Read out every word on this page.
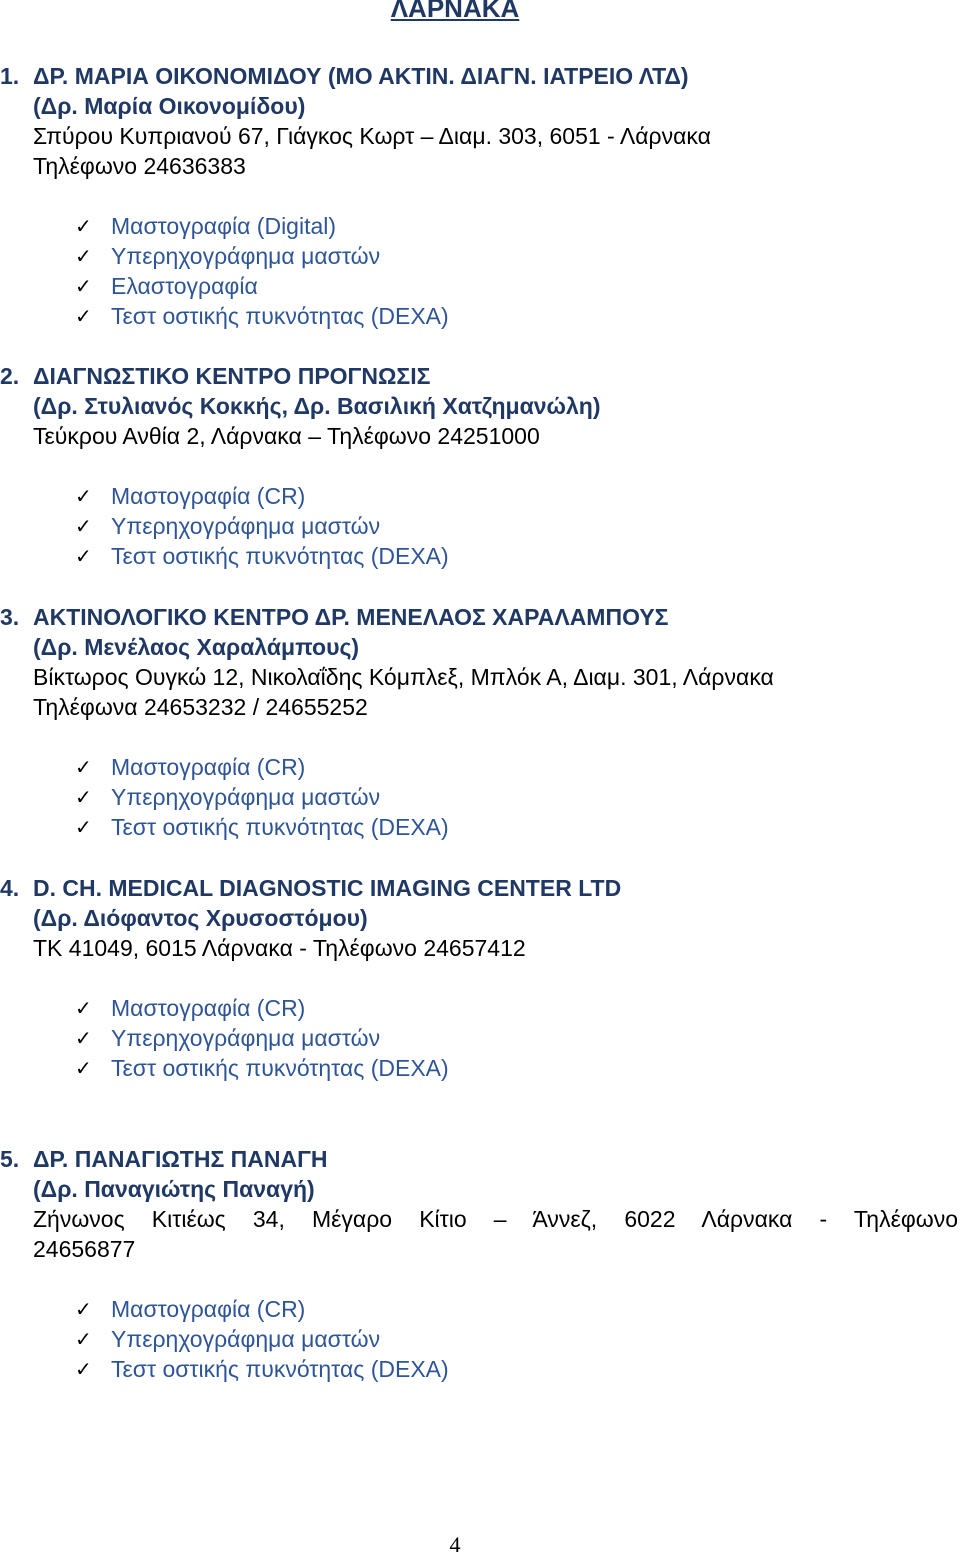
ΛΑΡΝΑΚΑ
1. ΔΡ. ΜΑΡΙΑ ΟΙΚΟΝΟΜΙΔΟΥ (ΜΟ ΑΚΤΙΝ. ΔΙΑΓΝ. ΙΑΤΡΕΙΟ ΛΤΔ)
(Δρ. Μαρία Οικονομίδου)
Σπύρου Κυπριανού 67, Γιάγκος Κωρτ – Διαμ. 303, 6051 - Λάρνακα
Τηλέφωνο 24636383
✓ Μαστογραφία (Digital)
✓ Υπερηχογράφημα μαστών
✓ Ελαστογραφία
✓ Τεστ οστικής πυκνότητας (DEXA)
2. ΔΙΑΓΝΩΣΤΙΚΟ ΚΕΝΤΡΟ ΠΡΟΓΝΩΣΙΣ
(Δρ. Στυλιανός Κοκκής, Δρ. Βασιλική Χατζημανώλη)
Τεύκρου Ανθία 2, Λάρνακα – Τηλέφωνο 24251000
✓ Μαστογραφία (CR)
✓ Υπερηχογράφημα μαστών
✓ Τεστ οστικής πυκνότητας (DEXA)
3. ΑΚΤΙΝΟΛΟΓΙΚΟ ΚΕΝΤΡΟ ΔΡ. ΜΕΝΕΛΑΟΣ ΧΑΡΑΛΑΜΠΟΥΣ
(Δρ. Μενέλαος Χαραλάμπους)
Βίκτωρος Ουγκώ 12, Νικολαΐδης Κόμπλεξ, Μπλόκ Α, Διαμ. 301, Λάρνακα
Τηλέφωνα 24653232 / 24655252
✓ Μαστογραφία (CR)
✓ Υπερηχογράφημα μαστών
✓ Τεστ οστικής πυκνότητας (DEXA)
4. D. CH. MEDICAL DIAGNOSTIC IMAGING CENTER LTD
(Δρ. Διόφαντος Χρυσοστόμου)
ΤΚ 41049, 6015 Λάρνακα - Τηλέφωνο 24657412
✓ Μαστογραφία (CR)
✓ Υπερηχογράφημα μαστών
✓ Τεστ οστικής πυκνότητας (DEXA)
5. ΔΡ. ΠΑΝΑΓΙΩΤΗΣ ΠΑΝΑΓΗ
(Δρ. Παναγιώτης Παναγή)
Ζήνωνος Κιτιέως 34, Μέγαρο Κίτιο – Άννεζ, 6022 Λάρνακα - Τηλέφωνο
24656877
✓ Μαστογραφία (CR)
✓ Υπερηχογράφημα μαστών
✓ Τεστ οστικής πυκνότητας (DEXA)
4
